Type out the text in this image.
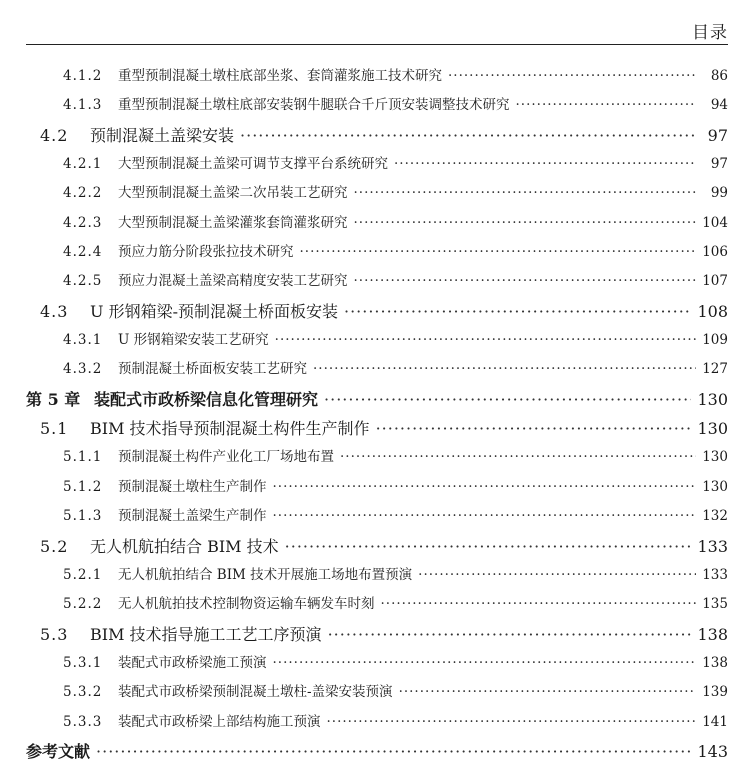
目录
4.1.2	重型预制混凝土墩柱底部坐浆、套筒灌浆施工技术研究 ·····	86
4.1.3	重型预制混凝土墩柱底部安装钢牛腿联合千斤顶安装调整技术研究 ·····	94
4.2	预制混凝土盖梁安装 ·····	97
4.2.1	大型预制混凝土盖梁可调节支撑平台系统研究 ·····	97
4.2.2	大型预制混凝土盖梁二次吊装工艺研究 ·····	99
4.2.3	大型预制混凝土盖梁灌浆套筒灌浆研究 ·····	104
4.2.4	预应力筋分阶段张拉技术研究 ·····	106
4.2.5	预应力混凝土盖梁高精度安装工艺研究 ·····	107
4.3	U 形钢箱梁-预制混凝土桥面板安装 ·····	108
4.3.1	U 形钢箱梁安装工艺研究 ·····	109
4.3.2	预制混凝土桥面板安装工艺研究 ·····	127
第 5 章 装配式市政桥梁信息化管理研究 ·····	130
5.1	BIM 技术指导预制混凝土构件生产制作 ·····	130
5.1.1	预制混凝土构件产业化工厂场地布置 ·····	130
5.1.2	预制混凝土墩柱生产制作 ·····	130
5.1.3	预制混凝土盖梁生产制作 ·····	132
5.2	无人机航拍结合 BIM 技术 ·····	133
5.2.1	无人机航拍结合 BIM 技术开展施工场地布置预演 ·····	133
5.2.2	无人机航拍技术控制物资运输车辆发车时刻 ·····	135
5.3	BIM 技术指导施工工艺工序预演 ·····	138
5.3.1	装配式市政桥梁施工预演 ·····	138
5.3.2	装配式市政桥梁预制混凝土墩柱-盖梁安装预演 ·····	139
5.3.3	装配式市政桥梁上部结构施工预演 ·····	141
参考文献 ·····	143
